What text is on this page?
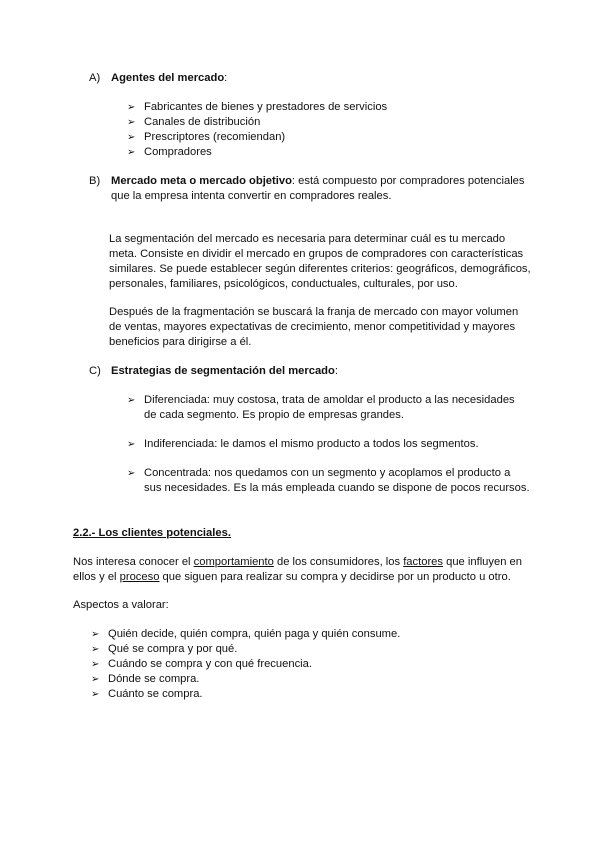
A) Agentes del mercado:
➢ Fabricantes de bienes y prestadores de servicios
➢ Canales de distribución
➢ Prescriptores (recomiendan)
➢ Compradores
B) Mercado meta o mercado objetivo: está compuesto por compradores potenciales
que la empresa intenta convertir en compradores reales.
La segmentación del mercado es necesaria para determinar cuál es tu mercado
meta. Consiste en dividir el mercado en grupos de compradores con características
similares. Se puede establecer según diferentes criterios: geográficos, demográficos,
personales, familiares, psicológicos, conductuales, culturales, por uso.
Después de la fragmentación se buscará la franja de mercado con mayor volumen
de ventas, mayores expectativas de crecimiento, menor competitividad y mayores
beneficios para dirigirse a él.
C) Estrategias de segmentación del mercado:
➢ Diferenciada: muy costosa, trata de amoldar el producto a las necesidades
de cada segmento. Es propio de empresas grandes.
➢ Indiferenciada: le damos el mismo producto a todos los segmentos.
➢ Concentrada: nos quedamos con un segmento y acoplamos el producto a
sus necesidades. Es la más empleada cuando se dispone de pocos recursos.
2.2.- Los clientes potenciales.
Nos interesa conocer el comportamiento de los consumidores, los factores que influyen en
ellos y el proceso que siguen para realizar su compra y decidirse por un producto u otro.
Aspectos a valorar:
➢ Quién decide, quién compra, quién paga y quién consume.
➢ Qué se compra y por qué.
➢ Cuándo se compra y con qué frecuencia.
➢ Dónde se compra.
➢ Cuánto se compra.
